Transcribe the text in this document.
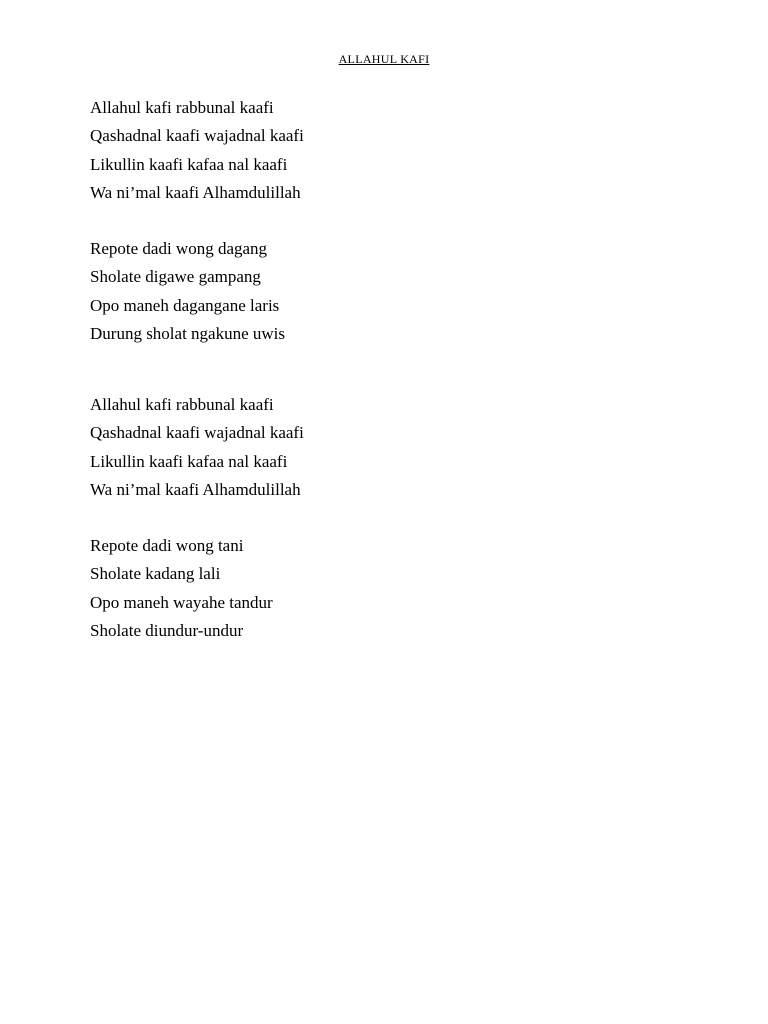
ALLAHUL KAFI
Allahul kafi rabbunal kaafi
Qashadnal kaafi wajadnal kaafi
Likullin kaafi kafaa nal kaafi
Wa ni’mal kaafi Alhamdulillah
Repote dadi wong dagang
Sholate digawe gampang
Opo maneh dagangane laris
Durung sholat ngakune uwis
Allahul kafi rabbunal kaafi
Qashadnal kaafi wajadnal kaafi
Likullin kaafi kafaa nal kaafi
Wa ni’mal kaafi Alhamdulillah
Repote dadi wong tani
Sholate kadang lali
Opo maneh wayahe tandur
Sholate diundur-undur
